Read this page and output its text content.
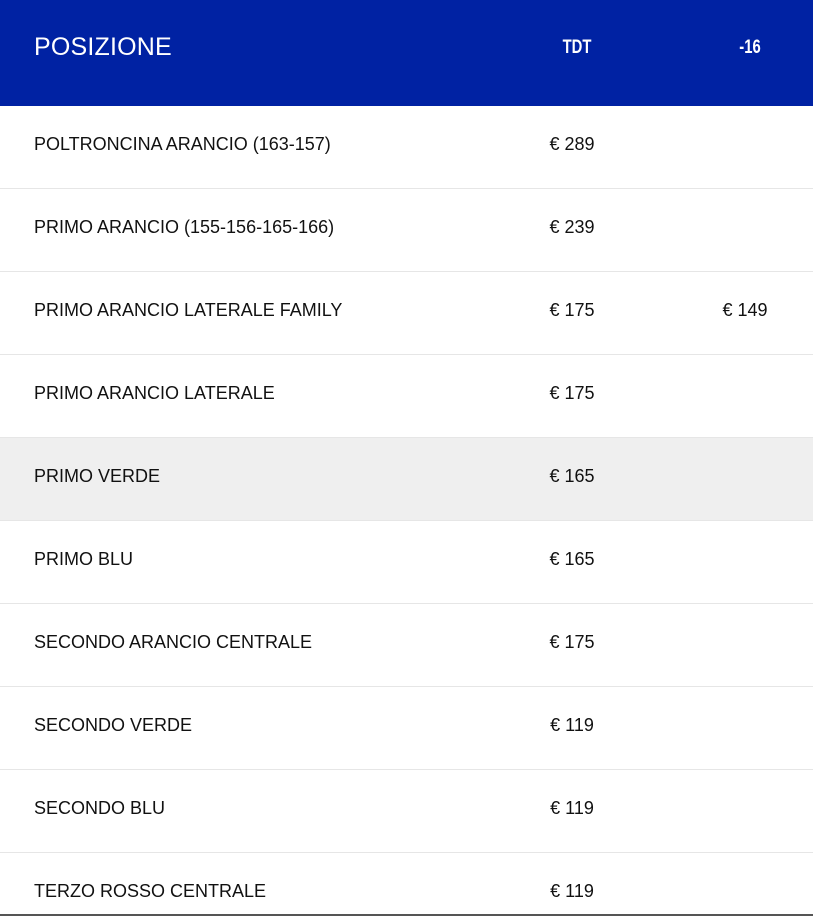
POSIZIONE	TDT	-16
POLTRONCINA ARANCIO (163-157)	€ 289
PRIMO ARANCIO (155-156-165-166)	€ 239
PRIMO ARANCIO LATERALE FAMILY	€ 175	€ 149
PRIMO ARANCIO LATERALE	€ 175
PRIMO VERDE	€ 165
PRIMO BLU	€ 165
SECONDO ARANCIO CENTRALE	€ 175
SECONDO VERDE	€ 119
SECONDO BLU	€ 119
TERZO ROSSO CENTRALE	€ 119
